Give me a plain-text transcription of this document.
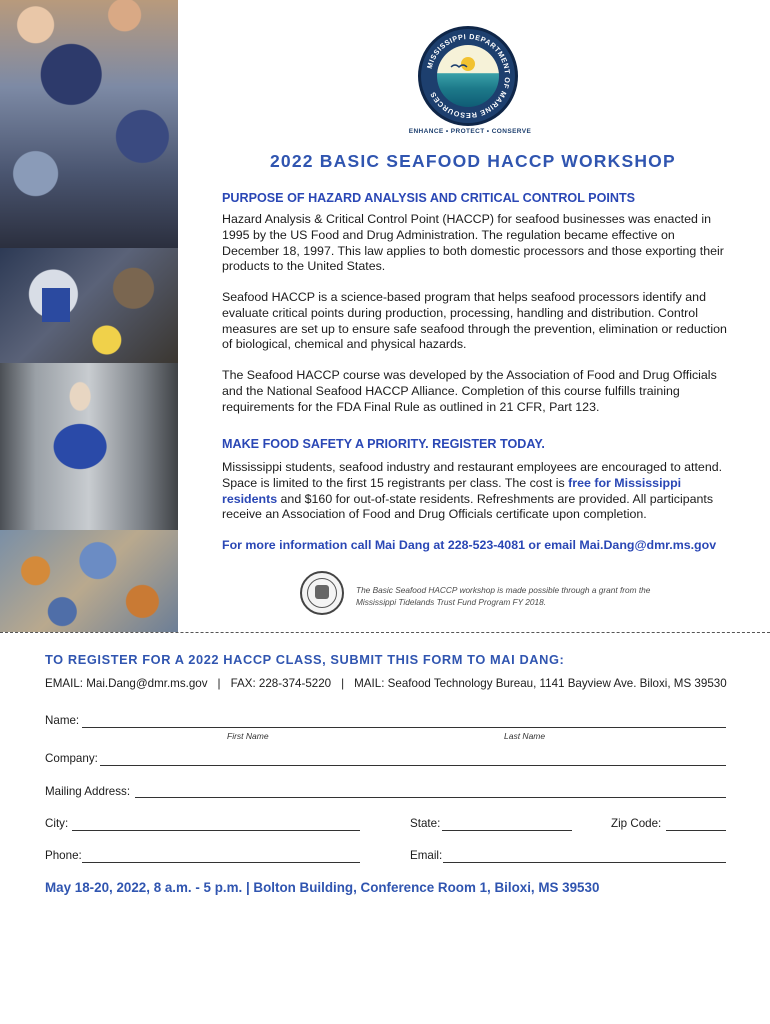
MISSISSIPPI DEPARTMENT OF MARINE RESOURCES
ENHANCE • PROTECT • CONSERVE
2022 BASIC SEAFOOD HACCP WORKSHOP
PURPOSE OF HAZARD ANALYSIS AND CRITICAL CONTROL POINTS
Hazard Analysis & Critical Control Point (HACCP) for seafood businesses was enacted in 1995 by the US Food and Drug Administration. The regulation became effective on December 18, 1997. This law applies to both domestic processors and those exporting their products to the United States.
Seafood HACCP is a science-based program that helps seafood processors identify and evaluate critical points during production, processing, handling and distribution. Control measures are set up to ensure safe seafood through the prevention, elimination or reduction of biological, chemical and physical hazards.
The Seafood HACCP course was developed by the Association of Food and Drug Officials and the National Seafood HACCP Alliance. Completion of this course fulfills training requirements for the FDA Final Rule as outlined in 21 CFR, Part 123.
MAKE FOOD SAFETY A PRIORITY. REGISTER TODAY.
Mississippi students, seafood industry and restaurant employees are encouraged to attend. Space is limited to the first 15 registrants per class. The cost is free for Mississippi residents and $160 for out-of-state residents. Refreshments are provided. All participants receive an Association of Food and Drug Officials certificate upon completion.
For more information call Mai Dang at 228-523-4081 or email Mai.Dang@dmr.ms.gov
The Basic Seafood HACCP workshop is made possible through a grant from the Mississippi Tidelands Trust Fund Program FY 2018.
TO REGISTER FOR A 2022 HACCP CLASS, SUBMIT THIS FORM TO MAI DANG:
EMAIL: Mai.Dang@dmr.ms.gov | FAX: 228-374-5220 | MAIL: Seafood Technology Bureau, 1141 Bayview Ave. Biloxi, MS 39530
Name:
First Name	Last Name
Company:
Mailing Address:
City:	State:	Zip Code:
Phone:	Email:
May 18-20, 2022, 8 a.m. - 5 p.m. | Bolton Building, Conference Room 1, Biloxi, MS 39530
